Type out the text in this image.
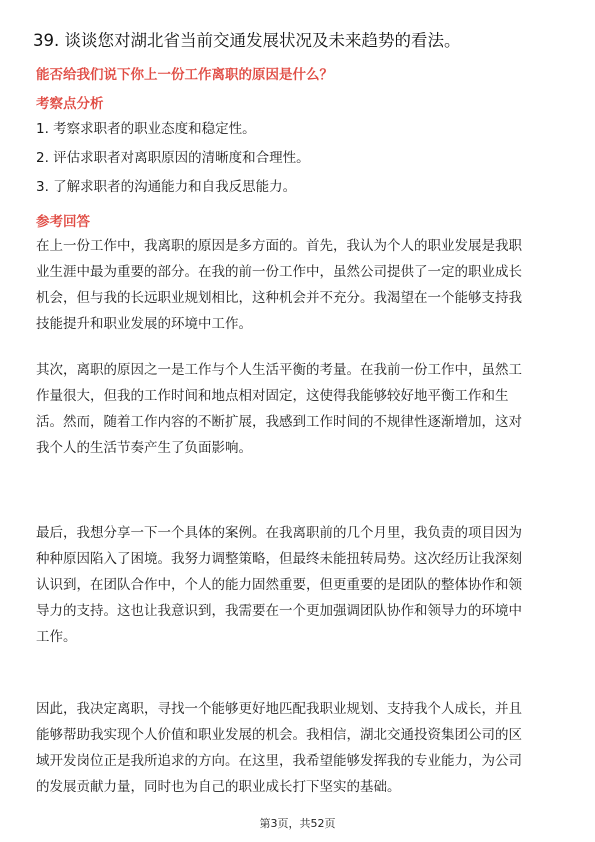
39. 谈谈您对湖北省当前交通发展状况及未来趋势的看法。
能否给我们说下你上一份工作离职的原因是什么？
考察点分析
1. 考察求职者的职业态度和稳定性。
2. 评估求职者对离职原因的清晰度和合理性。
3. 了解求职者的沟通能力和自我反思能力。
参考回答
在上一份工作中，我离职的原因是多方面的。首先，我认为个人的职业发展是我职
业生涯中最为重要的部分。在我的前一份工作中，虽然公司提供了一定的职业成长
机会，但与我的长远职业规划相比，这种机会并不充分。我渴望在一个能够支持我
技能提升和职业发展的环境中工作。
其次，离职的原因之一是工作与个人生活平衡的考量。在我前一份工作中，虽然工
作量很大，但我的工作时间和地点相对固定，这使得我能够较好地平衡工作和生
活。然而，随着工作内容的不断扩展，我感到工作时间的不规律性逐渐增加，这对
我个人的生活节奏产生了负面影响。
最后，我想分享一下一个具体的案例。在我离职前的几个月里，我负责的项目因为
种种原因陷入了困境。我努力调整策略，但最终未能扭转局势。这次经历让我深刻
认识到，在团队合作中，个人的能力固然重要，但更重要的是团队的整体协作和领
导力的支持。这也让我意识到，我需要在一个更加强调团队协作和领导力的环境中
工作。
因此，我决定离职，寻找一个能够更好地匹配我职业规划、支持我个人成长，并且
能够帮助我实现个人价值和职业发展的机会。我相信，湖北交通投资集团公司的区
域开发岗位正是我所追求的方向。在这里，我希望能够发挥我的专业能力，为公司
的发展贡献力量，同时也为自己的职业成长打下坚实的基础。
第3页，共52页
